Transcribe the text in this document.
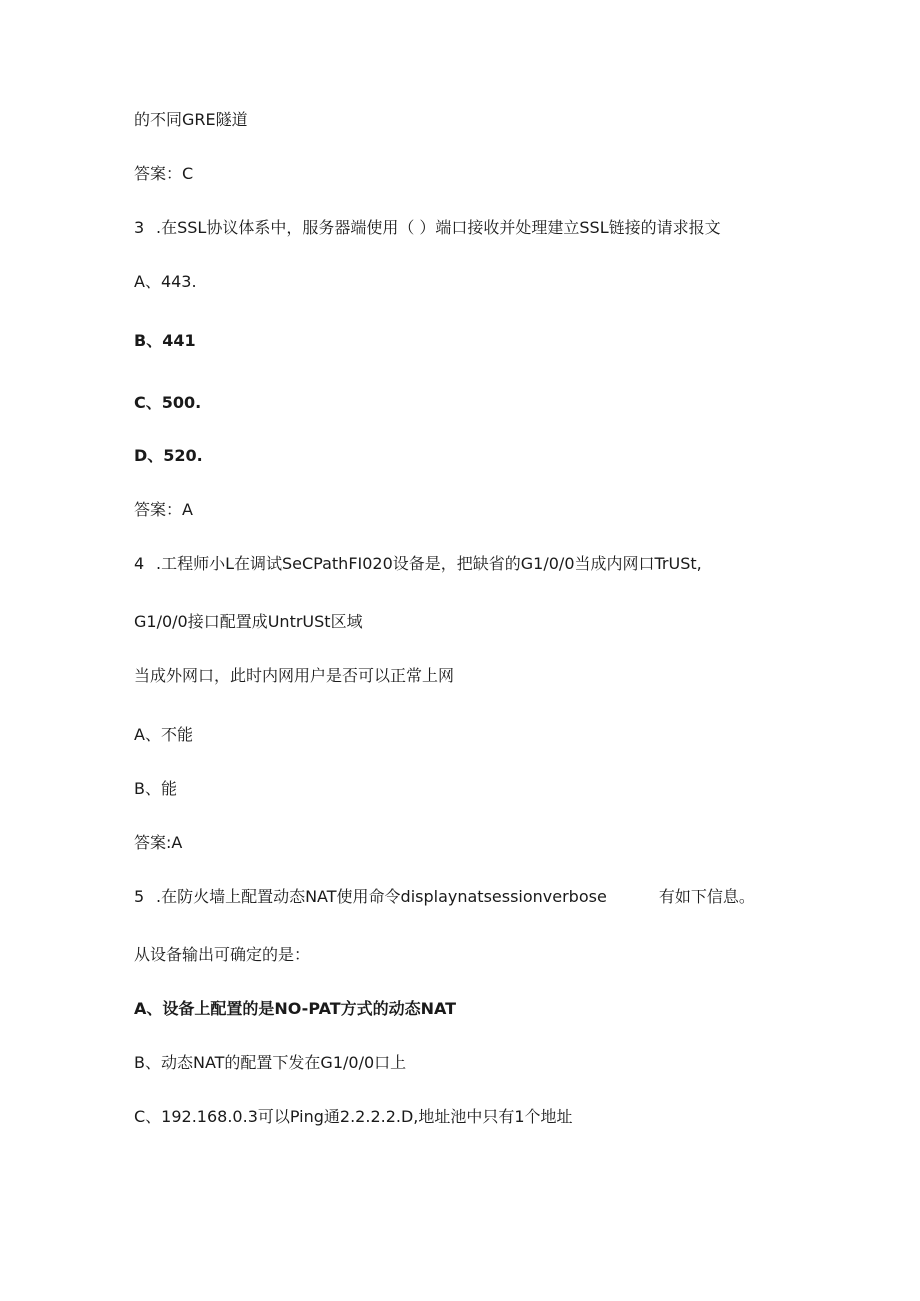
的不同GRE隧道
答案：C
3 .在SSL协议体系中，服务器端使用（ ）端口接收并处理建立SSL链接的请求报文
A、443.
B、441
C、500.
D、520.
答案：A
4 .工程师小L在调试SeCPathFI020设备是，把缺省的G1/0/0当成内网口TrUSt,
G1/0/0接口配置成UntrUSt区域
当成外网口，此时内网用户是否可以正常上网
A、不能
B、能
答案:A
5 .在防火墙上配置动态NAT使用命令displaynatsessionverbose	有如下信息。
从设备输出可确定的是：
A、设备上配置的是NO-PAT方式的动态NAT
B、动态NAT的配置下发在G1/0/0口上
C、192.168.0.3可以Ping通2.2.2.2.D,地址池中只有1个地址
